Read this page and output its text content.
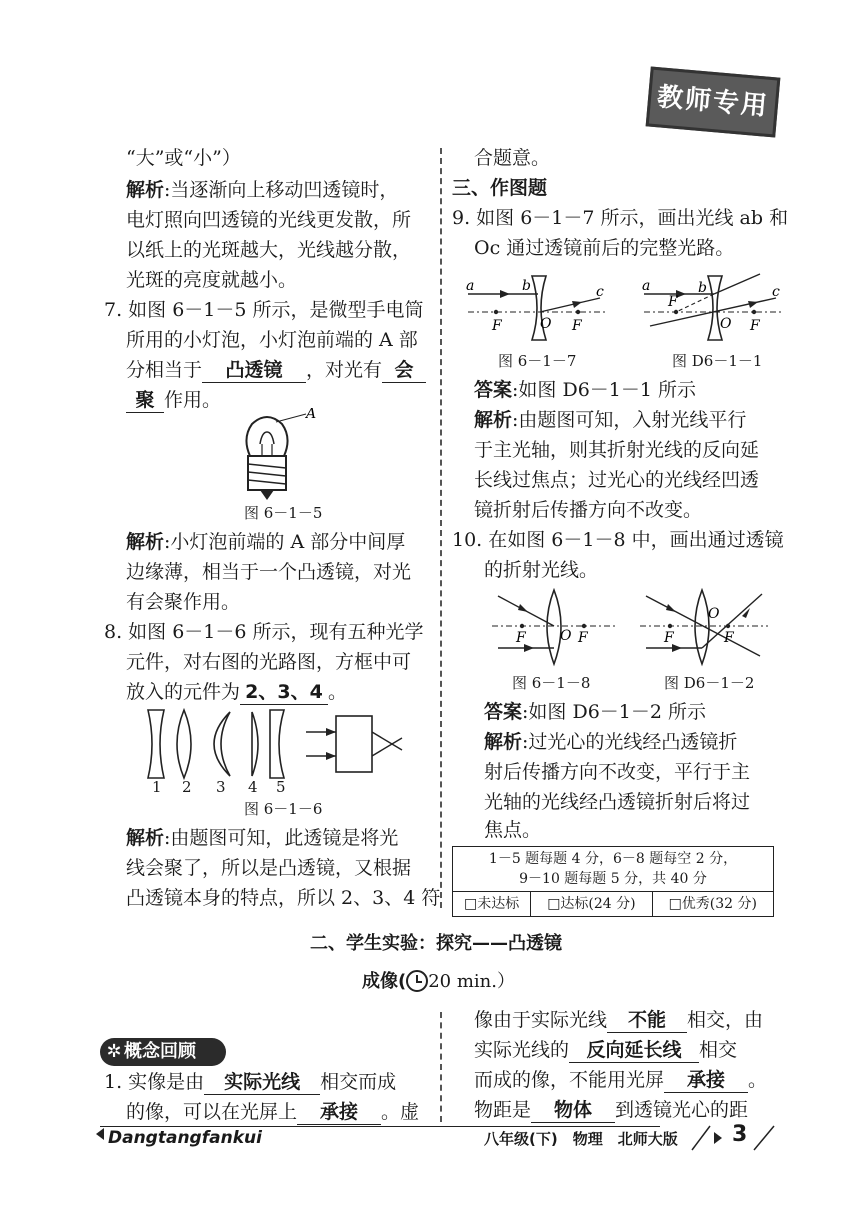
教师专用
“大”或“小”）
解析:当逐渐向上移动凹透镜时，
电灯照向凹透镜的光线更发散，所
以纸上的光斑越大，光线越分散，
光斑的亮度就越小。
7. 如图 6－1－5 所示，是微型手电筒
所用的小灯泡，小灯泡前端的 A 部
分相当于 凸透镜 ，对光有 会
聚 作用。
A
图 6－1－5
解析:小灯泡前端的 A 部分中间厚
边缘薄，相当于一个凸透镜，对光
有会聚作用。
8. 如图 6－1－6 所示，现有五种光学
元件，对右图的光路图，方框中可
放入的元件为 2、3、4 。
1 2 3 4 5
图 6－1－6
解析:由题图可知，此透镜是将光
线会聚了，所以是凸透镜，又根据
凸透镜本身的特点，所以 2、3、4 符
合题意。
三、作图题
9. 如图 6－1－7 所示，画出光线 ab 和
Oc 通过透镜前后的完整光路。
a	b	c
O
F	F
a	b	c
O
F
F
图 6－1－7	图 D6－1－1
答案:如图 D6－1－1 所示
解析:由题图可知，入射光线平行
于主光轴，则其折射光线的反向延
长线过焦点；过光心的光线经凹透
镜折射后传播方向不改变。
10. 在如图 6－1－8 中，画出通过透镜
的折射光线。
F O F	F
O
F
图 6－1－8	图 D6－1－2
答案:如图 D6－1－2 所示
解析:过光心的光线经凸透镜折
射后传播方向不改变，平行于主
光轴的光线经凸透镜折射后将过
焦点。
1－5 题每题 4 分，6－8 题每空 2 分，
9－10 题每题 5 分，共 40 分
□未达标	□达标(24 分)	□优秀(32 分)
二、学生实验：探究——凸透镜
成像( 20 min.）
✲ 概念回顾
1. 实像是由 实际光线 相交而成
的像，可以在光屏上 承接 。虚
像由于实际光线 不能 相交，由
实际光线的 反向延长线 相交
而成的像，不能用光屏 承接 。
物距是 物体 到透镜光心的距
Dangtangfankui	八年级(下)　物理　北师大版 3
